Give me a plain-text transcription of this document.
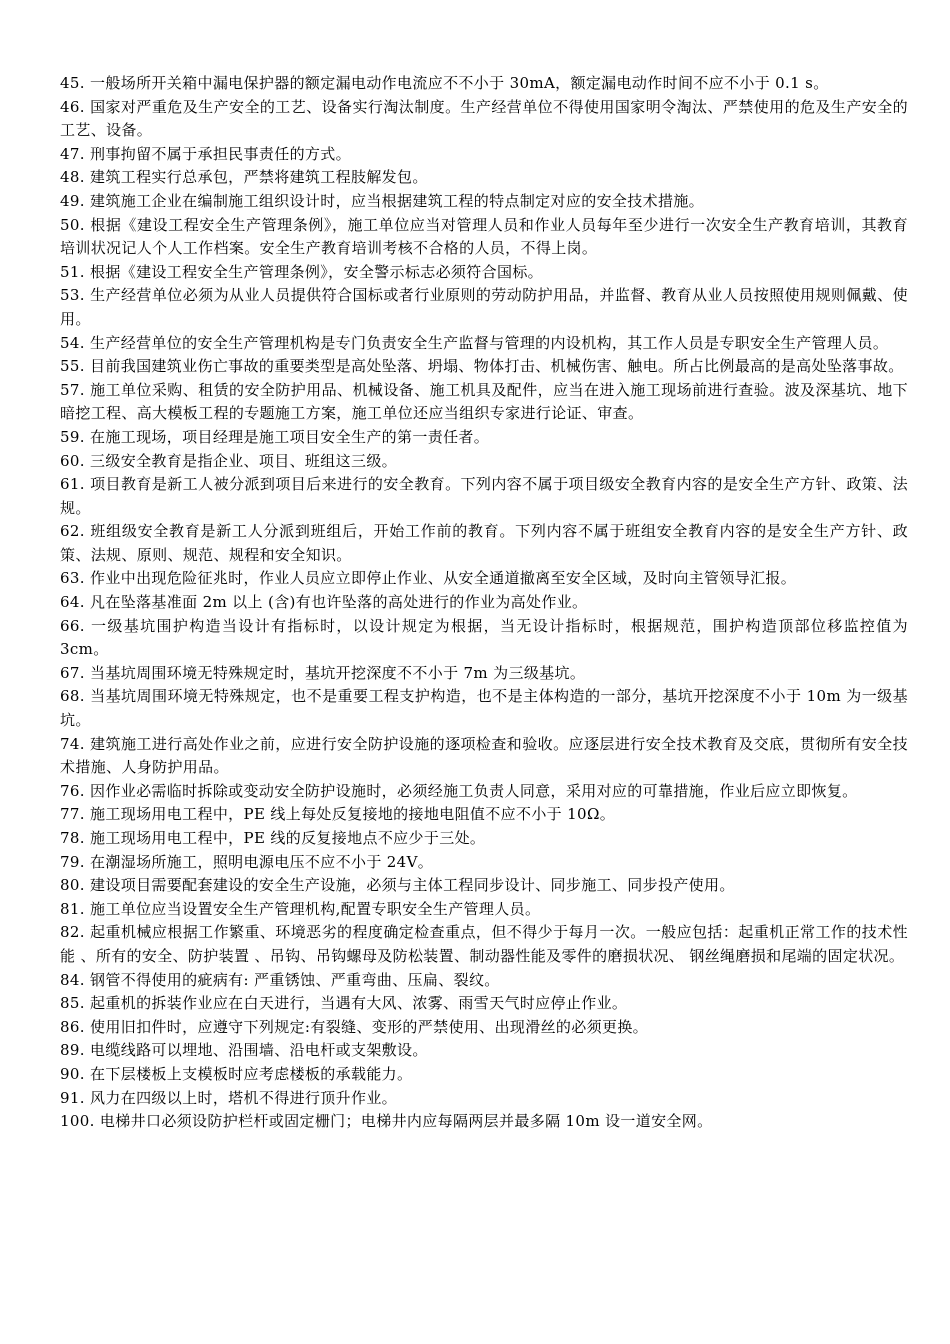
45. 一般场所开关箱中漏电保护器的额定漏电动作电流应不不小于 30mA，额定漏电动作时间不应不小于 0.1 s。

46. 国家对严重危及生产安全的工艺、设备实行淘汰制度。生产经营单位不得使用国家明令淘汰、严禁使用的危及生产安全的工艺、设备。

47. 刑事拘留不属于承担民事责任的方式。

48. 建筑工程实行总承包，严禁将建筑工程肢解发包。

49. 建筑施工企业在编制施工组织设计时，应当根据建筑工程的特点制定对应的安全技术措施。

50. 根据《建设工程安全生产管理条例》，施工单位应当对管理人员和作业人员每年至少进行一次安全生产教育培训，其教育培训状况记人个人工作档案。安全生产教育培训考核不合格的人员，不得上岗。

51. 根据《建设工程安全生产管理条例》，安全警示标志必须符合国标。

53. 生产经营单位必须为从业人员提供符合国标或者行业原则的劳动防护用品，并监督、教育从业人员按照使用规则佩戴、使用。

54. 生产经营单位的安全生产管理机构是专门负责安全生产监督与管理的内设机构，其工作人员是专职安全生产管理人员。

55. 目前我国建筑业伤亡事故的重要类型是高处坠落、坍塌、物体打击、机械伤害、触电。所占比例最高的是高处坠落事故。

57. 施工单位采购、租赁的安全防护用品、机械设备、施工机具及配件，应当在进入施工现场前进行查验。波及深基坑、地下暗挖工程、高大模板工程的专题施工方案，施工单位还应当组织专家进行论证、审查。

59. 在施工现场，项目经理是施工项目安全生产的第一责任者。

60. 三级安全教育是指企业、项目、班组这三级。

61. 项目教育是新工人被分派到项目后来进行的安全教育。下列内容不属于项目级安全教育内容的是安全生产方针、政策、法规。

62. 班组级安全教育是新工人分派到班组后，开始工作前的教育。下列内容不属于班组安全教育内容的是安全生产方针、政策、法规、原则、规范、规程和安全知识。

63. 作业中出现危险征兆时，作业人员应立即停止作业、从安全通道撤离至安全区域，及时向主管领导汇报。

64. 凡在坠落基准面 2m 以上 (含)有也许坠落的高处进行的作业为高处作业。

66. 一级基坑围护构造当设计有指标时，以设计规定为根据，当无设计指标时，根据规范，围护构造顶部位移监控值为 3cm。

67. 当基坑周围环境无特殊规定时，基坑开挖深度不不小于 7m 为三级基坑。

68. 当基坑周围环境无特殊规定，也不是重要工程支护构造，也不是主体构造的一部分，基坑开挖深度不小于 10m 为一级基坑。

74. 建筑施工进行高处作业之前，应进行安全防护设施的逐项检查和验收。应逐层进行安全技术教育及交底，贯彻所有安全技术措施、人身防护用品。

76. 因作业必需临时拆除或变动安全防护设施时，必须经施工负责人同意，采用对应的可靠措施，作业后应立即恢复。

77. 施工现场用电工程中，PE 线上每处反复接地的接地电阻值不应不小于 10Ω。

78. 施工现场用电工程中，PE 线的反复接地点不应少于三处。

79. 在潮湿场所施工，照明电源电压不应不小于 24V。

80. 建设项目需要配套建设的安全生产设施，必须与主体工程同步设计、同步施工、同步投产使用。

81. 施工单位应当设置安全生产管理机构,配置专职安全生产管理人员。

82. 起重机械应根据工作繁重、环境恶劣的程度确定检查重点，但不得少于每月一次。一般应包括：起重机正常工作的技术性能 、所有的安全、防护装置 、吊钩、吊钩螺母及防松装置、制动器性能及零件的磨损状况、 钢丝绳磨损和尾端的固定状况。

84. 钢管不得使用的疵病有: 严重锈蚀、严重弯曲、压扁、裂纹。

85. 起重机的拆装作业应在白天进行，当遇有大风、浓雾、雨雪天气时应停止作业。

86. 使用旧扣件时，应遵守下列规定:有裂缝、变形的严禁使用、出现滑丝的必须更换。

89. 电缆线路可以埋地、沿围墙、沿电杆或支架敷设。

90. 在下层楼板上支模板时应考虑楼板的承载能力。

91. 风力在四级以上时，塔机不得进行顶升作业。

100. 电梯井口必须设防护栏杆或固定栅门；电梯井内应每隔两层并最多隔 10m 设一道安全网。
